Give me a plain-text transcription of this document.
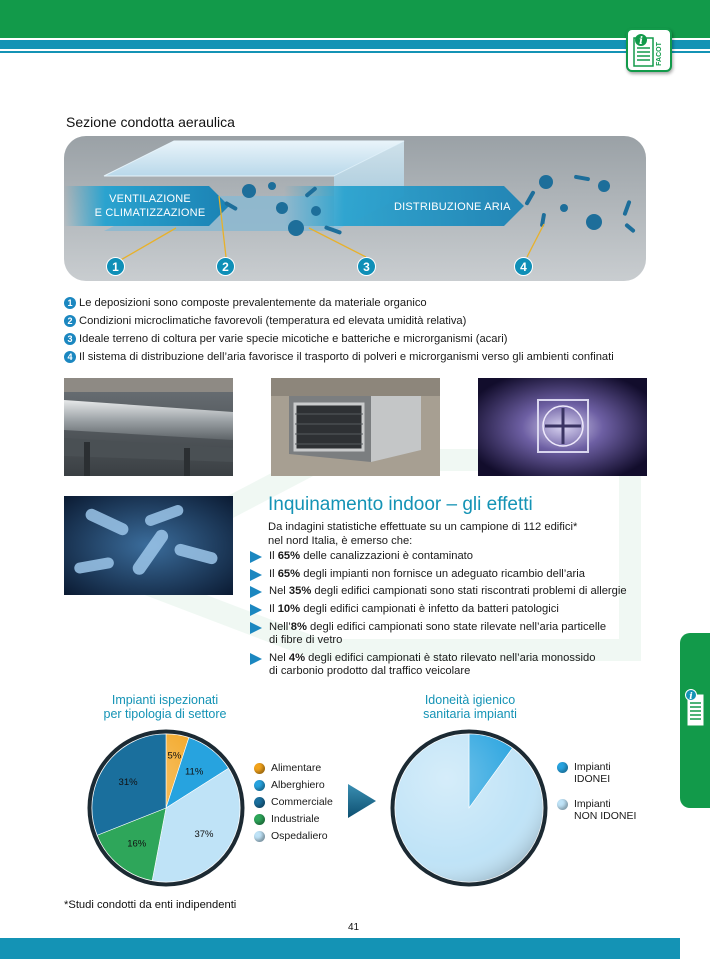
i
FACOT
i
Sezione condotta aeraulica
VENTILAZIONE
E CLIMATIZZAZIONE	DISTRIBUZIONE ARIA
1	2	3	4
1 Le deposizioni sono composte prevalentemente da materiale organico
2 Condizioni microclimatiche favorevoli (temperatura ed elevata umidità relativa)
3 Ideale terreno di coltura per varie specie micotiche e batteriche e microrganismi (acari)
4 Il sistema di distribuzione dell’aria favorisce il trasporto di polveri e microrganismi verso gli ambienti confinati
Inquinamento indoor – gli effetti
Da indagini statistiche effettuate su un campione di 112 edifici*
nel nord Italia, è emerso che:
Il 65% delle canalizzazioni è contaminato
Il 65% degli impianti non fornisce un adeguato ricambio dell’aria
Nel 35% degli edifici campionati sono stati riscontrati problemi di allergie
Il 10% degli edifici campionati è infetto da batteri patologici
Nell’8% degli edifici campionati sono state rilevate nell’aria particelle
di fibre di vetro
Nel 4% degli edifici campionati è stato rilevato nell’aria monossido
di carbonio prodotto dal traffico veicolare
Impianti ispezionati
per tipologia di settore
5%
11%
37%
16%
31%
Alimentare
Alberghiero
Commerciale
Industriale
Ospedaliero
Idoneità igienico
sanitaria impianti
Impianti
IDONEI
Impianti
NON IDONEI
*Studi condotti da enti indipendenti
41
